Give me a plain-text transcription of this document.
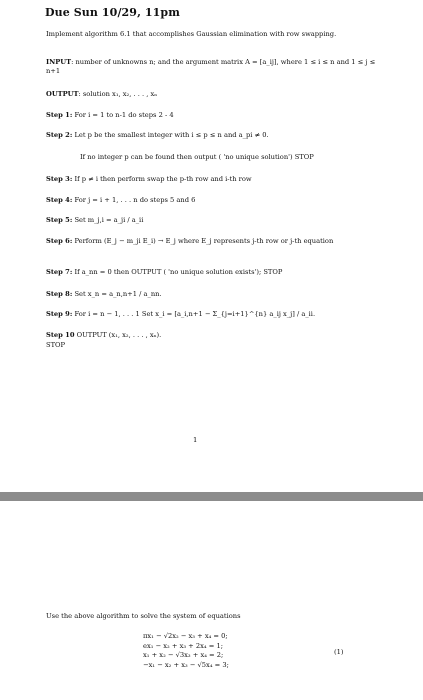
Due Sun 10/29, 11pm
Implement algorithm 6.1 that accomplishes Gaussian elimination with row swapping.
INPUT: number of unknowns n; and the argument matrix A = [a_ij], where 1 ≤ i ≤ n and 1 ≤ j ≤ n+1
OUTPUT: solution x₁, x₂, . . . , xₙ
Step 1: For i = 1 to n-1 do steps 2 - 4
Step 2: Let p be the smallest integer with i ≤ p ≤ n and a_pi ≠ 0.
If no integer p can be found then output ( 'no unique solution') STOP
Step 3: If p ≠ i then perform swap the p-th row and i-th row
Step 4: For j = i + 1, . . . n do steps 5 and 6
Step 5: Set m_j,i = a_ji / a_ii
Step 6: Perform (E_j − m_ji E_i) → E_j where E_j represents j-th row or j-th equation
Step 7: If a_nn = 0 then OUTPUT ( 'no unique solution exists'); STOP
Step 8: Set x_n = a_n,n+1 / a_nn.
Step 9: For i = n − 1, . . . 1 Set x_i = [a_i,n+1 − Σ_{j=i+1}^{n} a_ij x_j] / a_ii.
Step 10 OUTPUT (x₁, x₂, . . . , xₙ).
STOP
1
Use the above algorithm to solve the system of equations
πx₁ − √2x₂ − x₃ + x₄ = 0;
ex₁ − x₂ + x₃ + 2x₄ = 1;
x₁ + x₂ − √3x₃ + x₄ = 2;
−x₁ − x₂ + x₃ − √5x₄ = 3;
(1)
